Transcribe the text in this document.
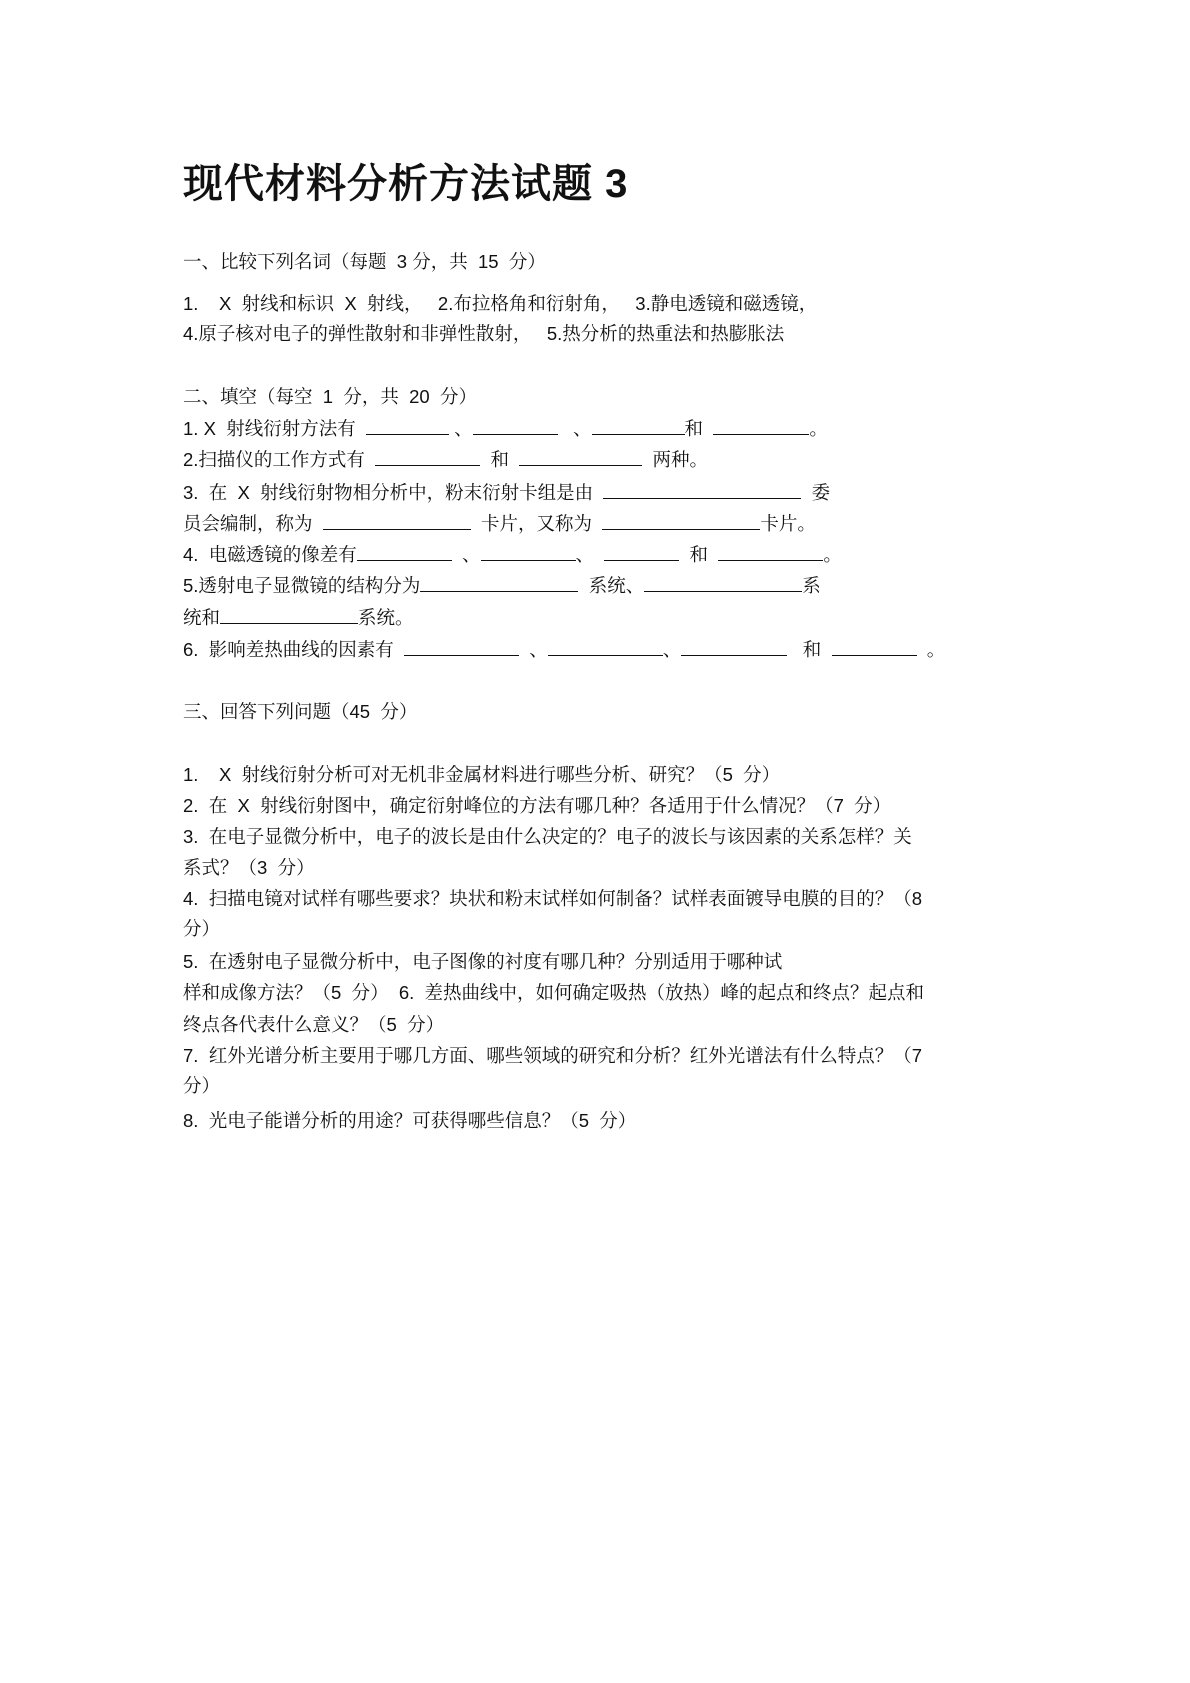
现代材料分析方法试题 3
一、比较下列名词（每题  3 分，共  15  分）
1.    X  射线和标识  X  射线，   2.布拉格角和衍射角，   3.静电透镜和磁透镜，
4.原子核对电子的弹性散射和非弹性散射，   5.热分析的热重法和热膨胀法
二、填空（每空  1  分，共  20  分）
1. X  射线衍射方法有	、	、	和	。
2.扫描仪的工作方式有	和	两种。
3.  在  X  射线衍射物相分析中，粉末衍射卡组是由	委
员会编制，称为	卡片，又称为	卡片。
4.  电磁透镜的像差有	、	、	和	。
5.透射电子显微镜的结构分为	系统、	系
统和	系统。
6.  影响差热曲线的因素有	、	、	和	。
三、回答下列问题（45  分）
1.    X  射线衍射分析可对无机非金属材料进行哪些分析、研究？（5  分）
2.  在  X  射线衍射图中，确定衍射峰位的方法有哪几种？各适用于什么情况？（7  分）
3.  在电子显微分析中，电子的波长是由什么决定的？电子的波长与该因素的关系怎样？关
系式？（3  分）
4.  扫描电镜对试样有哪些要求？块状和粉末试样如何制备？试样表面镀导电膜的目的？（8
分）
5.  在透射电子显微分析中，电子图像的衬度有哪几种？分别适用于哪种试
样和成像方法？（5  分）  6.  差热曲线中，如何确定吸热（放热）峰的起点和终点？起点和
终点各代表什么意义？（5  分）
7.  红外光谱分析主要用于哪几方面、哪些领域的研究和分析？红外光谱法有什么特点？（7
分）
8.  光电子能谱分析的用途？可获得哪些信息？（5  分）
